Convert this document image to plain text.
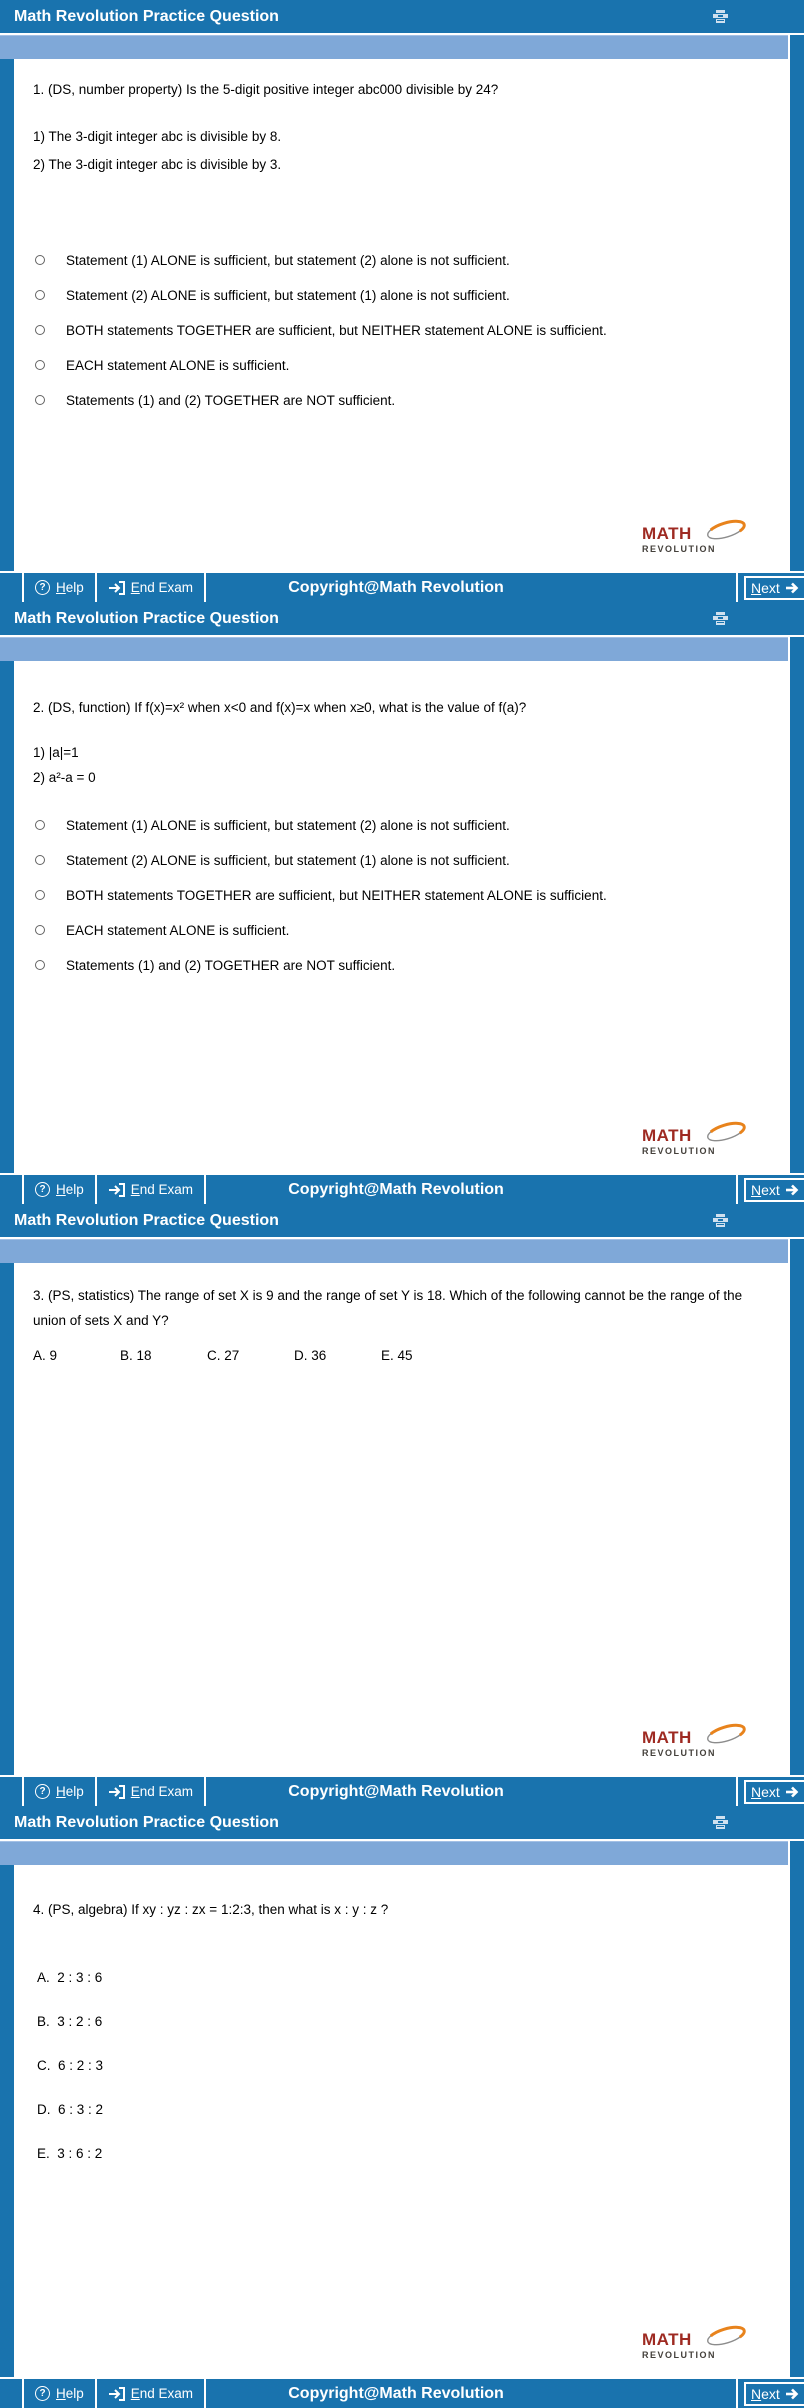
Math Revolution Practice Question
1. (DS, number property) Is the 5-digit positive integer abc000 divisible by 24?
1) The 3-digit integer abc is divisible by 8.
2) The 3-digit integer abc is divisible by 3.
Statement (1) ALONE is sufficient, but statement (2) alone is not sufficient.
Statement (2) ALONE is sufficient, but statement (1) alone is not sufficient.
BOTH statements TOGETHER are sufficient, but NEITHER statement ALONE is sufficient.
EACH statement ALONE is sufficient.
Statements (1) and (2) TOGETHER are NOT sufficient.
MATH
REVOLUTION
? Help	End Exam	Copyright@Math Revolution	Next
Math Revolution Practice Question
2. (DS, function) If f(x)=x² when x<0 and f(x)=x when x≥0, what is the value of f(a)?
1) |a|=1
2) a²-a = 0
Statement (1) ALONE is sufficient, but statement (2) alone is not sufficient.
Statement (2) ALONE is sufficient, but statement (1) alone is not sufficient.
BOTH statements TOGETHER are sufficient, but NEITHER statement ALONE is sufficient.
EACH statement ALONE is sufficient.
Statements (1) and (2) TOGETHER are NOT sufficient.
MATH
REVOLUTION
? Help	End Exam	Copyright@Math Revolution	Next
Math Revolution Practice Question
3. (PS, statistics) The range of set X is 9 and the range of set Y is 18. Which of the following cannot be the range of the union of sets X and Y?
A. 9	B. 18	C. 27	D. 36	E. 45
MATH
REVOLUTION
? Help	End Exam	Copyright@Math Revolution	Next
Math Revolution Practice Question
4. (PS, algebra) If xy : yz : zx = 1:2:3, then what is x : y : z ?
A.  2 : 3 : 6
B.  3 : 2 : 6
C.  6 : 2 : 3
D.  6 : 3 : 2
E.  3 : 6 : 2
MATH
REVOLUTION
? Help	End Exam	Copyright@Math Revolution	Next
